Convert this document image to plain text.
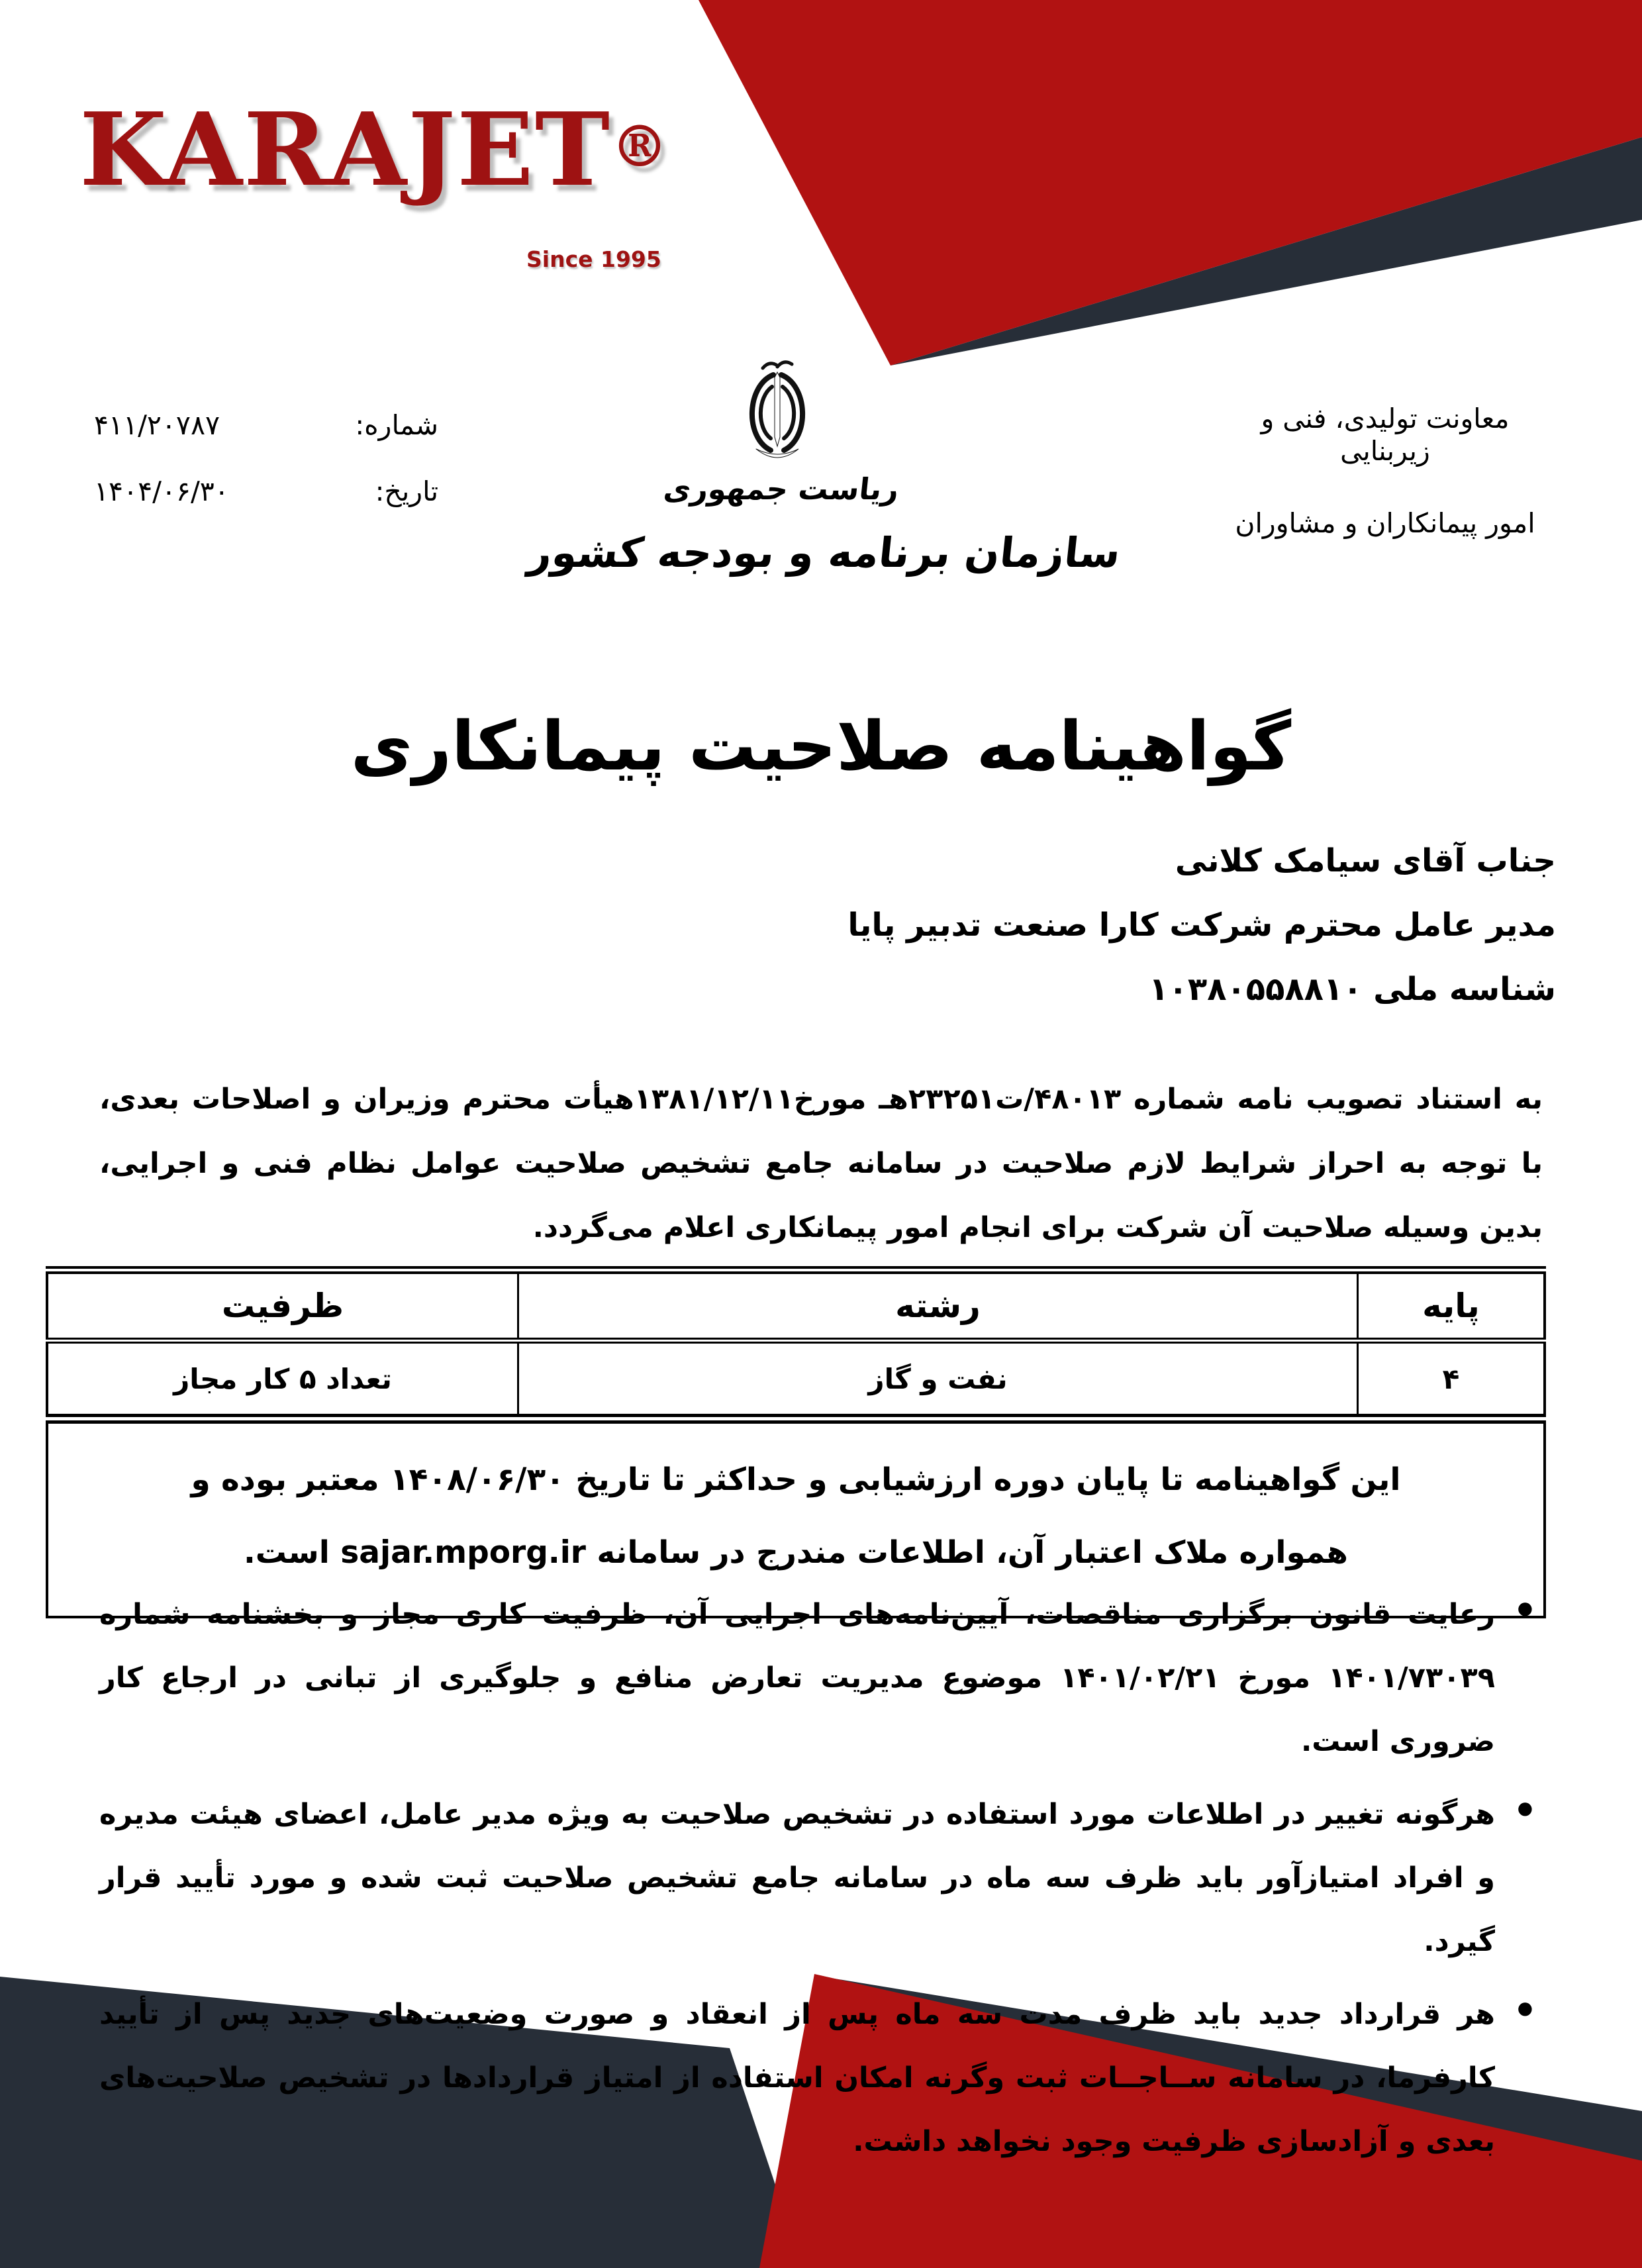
KARAJET®
Since 1995
معاونت تولیدی، فنی و زیربنایی
امور پیمانکاران و مشاوران
شماره:
۴۱۱/۲۰۷۸۷
تاریخ:
۱۴۰۴/۰۶/۳۰	ریاست جمهوری
سازمان برنامه و بودجه کشور
گواهینامه صلاحیت پیمانکاری
جناب آقای سیامک کلانی
مدیر عامل محترم شرکت کارا صنعت تدبیر پایا
شناسه ملی ۱۰۳۸۰۵۵۸۸۱۰
به استناد تصویب نامه شماره ۴۸۰۱۳/ت۲۳۲۵۱هـ مورخ۱۳۸۱/۱۲/۱۱هیأت محترم وزیران و اصلاحات بعدی، با توجه به احراز شرایط لازم صلاحیت در سامانه جامع تشخیص صلاحیت عوامل نظام فنی و اجرایی، بدین وسیله صلاحیت آن شرکت برای انجام امور پیمانکاری اعلام می‌گردد.
پایه	رشته	ظرفیت
۴	نفت و گاز	تعداد ۵ کار مجاز

این گواهینامه تا پایان دوره ارزشیابی و حداکثر تا تاریخ ۱۴۰۸/۰۶/۳۰ معتبر بوده و
همواره ملاک اعتبار آن، اطلاعات مندرج در سامانه sajar.mporg.ir است.		
•
رعایت قانون برگزاری مناقصات، آیین‌نامه‌های اجرایی آن، ظرفیت کاری مجاز و بخشنامه شماره ۱۴۰۱/۷۳۰۳۹ مورخ ۱۴۰۱/۰۲/۲۱ موضوع مدیریت تعارض منافع و جلوگیری از تبانی در ارجاع کار ضروری است.
•
هرگونه تغییر در اطلاعات مورد استفاده در تشخیص صلاحیت به ویژه مدیر عامل، اعضای هیئت مدیره و افراد امتیازآور باید ظرف سه ماه در سامانه جامع تشخیص صلاحیت ثبت شده و مورد تأیید قرار گیرد.
•
هر قرارداد جدید باید ظرف مدت سه ماه پس از انعقاد و صورت وضعیت‌های جدید پس از تأیید کارفرما، در سامانه ســاجــات ثبت وگرنه امکان استفاده از امتیاز قراردادها در تشخیص صلاحیت‌های بعدی و آزادسازی ظرفیت وجود نخواهد داشت.
